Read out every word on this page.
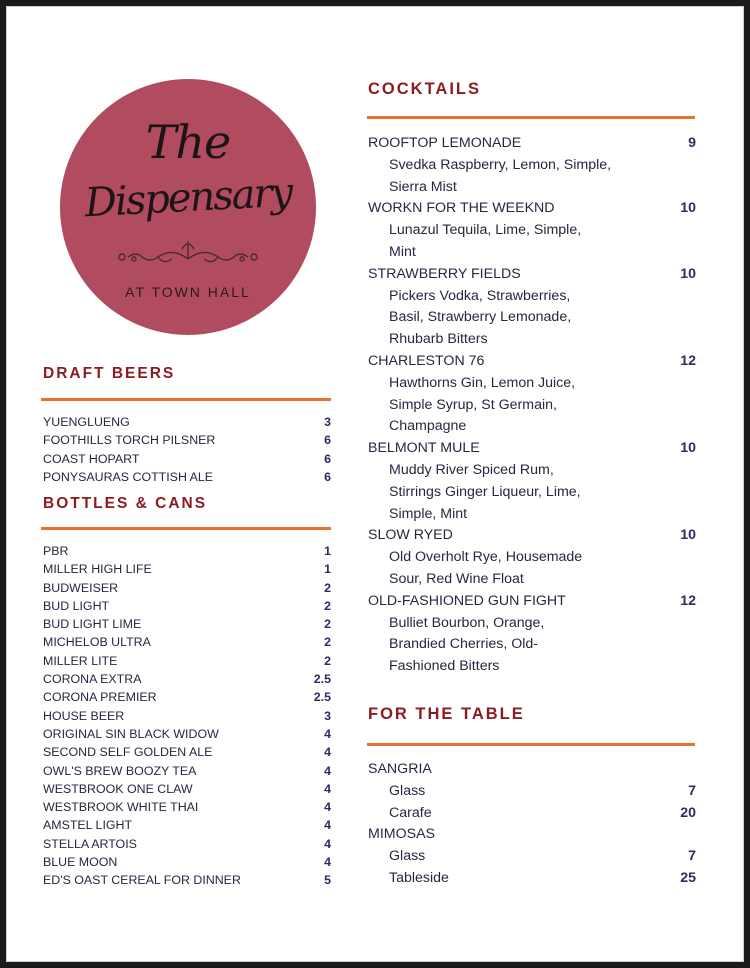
The
Dispensary
AT TOWN HALL
DRAFT BEERS
YUENGLUENG	3
FOOTHILLS TORCH PILSNER	6
COAST HOPART	6
PONYSAURAS COTTISH ALE	6
BOTTLES & CANS
PBR	1
MILLER HIGH LIFE	1
BUDWEISER	2
BUD LIGHT	2
BUD LIGHT LIME	2
MICHELOB ULTRA	2
MILLER LITE	2
CORONA EXTRA	2.5
CORONA PREMIER	2.5
HOUSE BEER	3
ORIGINAL SIN BLACK WIDOW	4
SECOND SELF GOLDEN ALE	4
OWL'S BREW BOOZY TEA	4
WESTBROOK ONE CLAW	4
WESTBROOK WHITE THAI	4
AMSTEL LIGHT	4
STELLA ARTOIS	4
BLUE MOON	4
ED'S OAST CEREAL FOR DINNER	5
COCKTAILS
ROOFTOP LEMONADE	9
Svedka Raspberry, Lemon, Simple,
Sierra Mist
WORKN FOR THE WEEKND	10
Lunazul Tequila, Lime, Simple,
Mint
STRAWBERRY FIELDS	10
Pickers Vodka, Strawberries,
Basil, Strawberry Lemonade,
Rhubarb Bitters
CHARLESTON 76	12
Hawthorns Gin, Lemon Juice,
Simple Syrup, St Germain,
Champagne
BELMONT MULE	10
Muddy River Spiced Rum,
Stirrings Ginger Liqueur, Lime,
Simple, Mint
SLOW RYED	10
Old Overholt Rye, Housemade
Sour, Red Wine Float
OLD-FASHIONED GUN FIGHT	12
Bulliet Bourbon, Orange,
Brandied Cherries, Old-
Fashioned Bitters
FOR THE TABLE
SANGRIA
Glass	7
Carafe	20
MIMOSAS
Glass	7
Tableside	25
